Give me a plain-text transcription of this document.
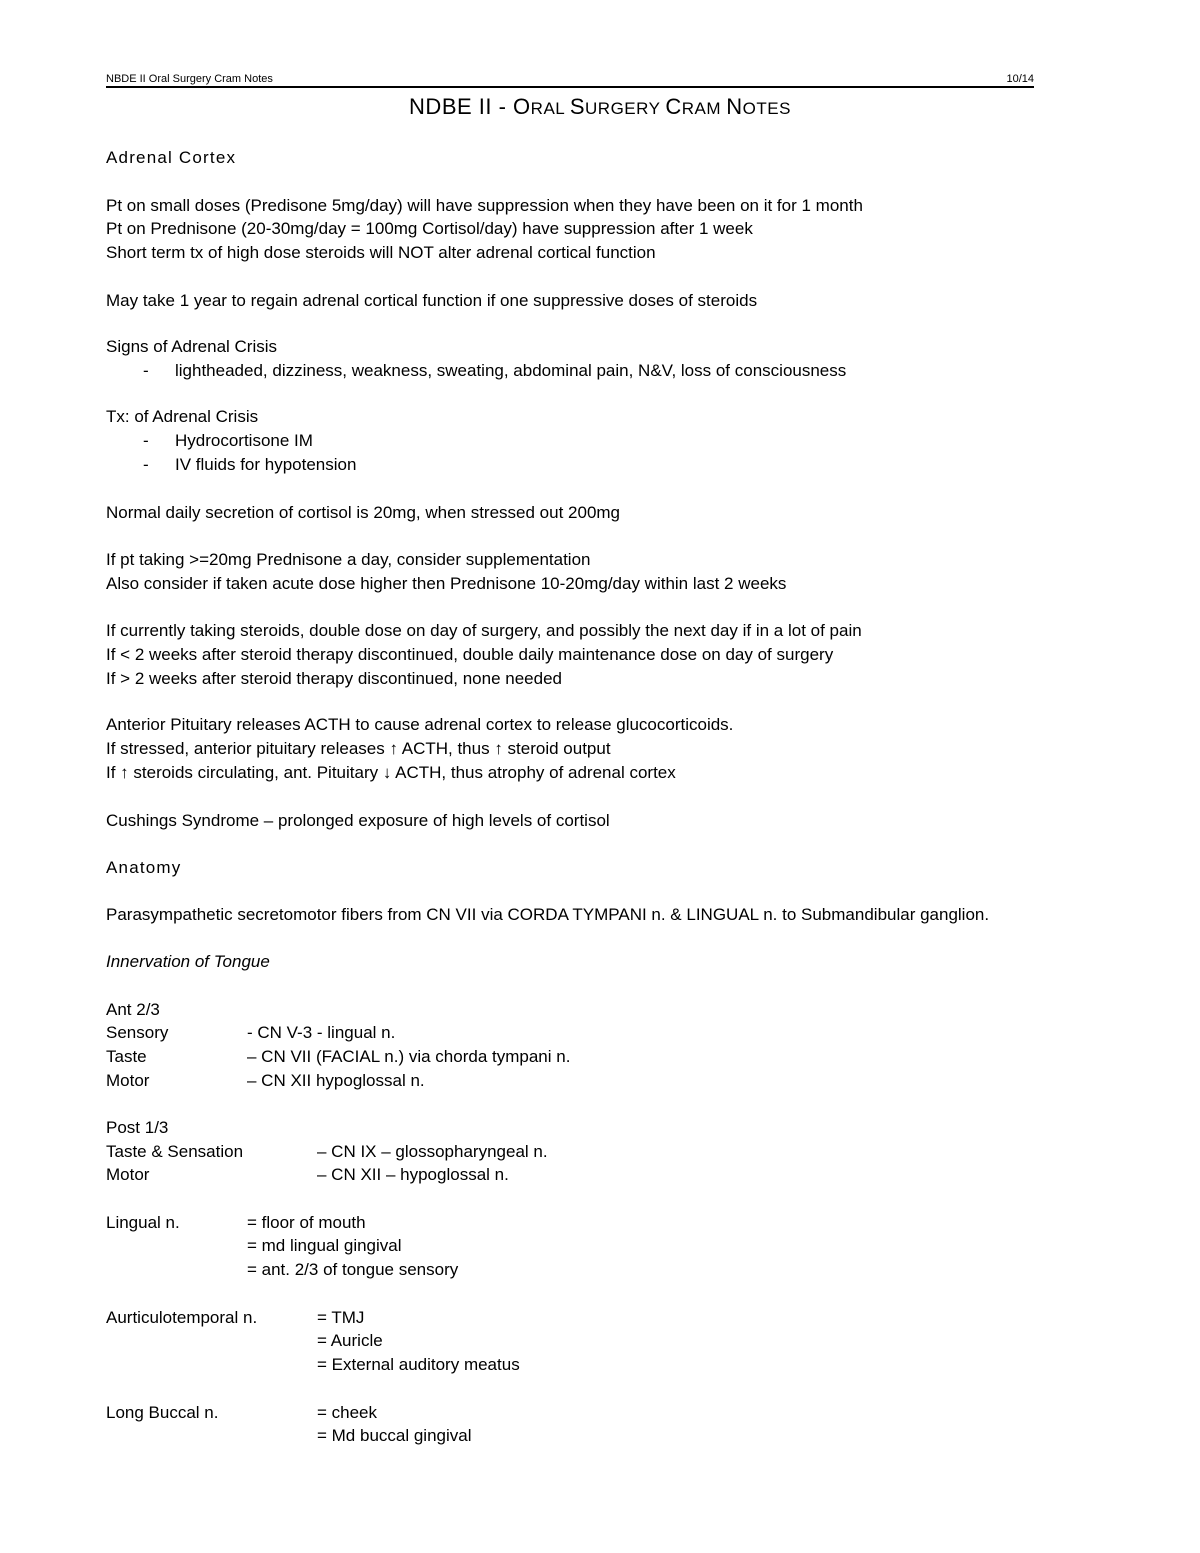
NBDE II Oral Surgery Cram Notes	10/14
NDBE II - ORAL SURGERY CRAM NOTES
Adrenal Cortex
Pt on small doses (Predisone 5mg/day) will have suppression when they have been on it for 1 month
Pt on Prednisone (20-30mg/day = 100mg Cortisol/day) have suppression after 1 week
Short term tx of high dose steroids will NOT alter adrenal cortical function
May take 1 year to regain adrenal cortical function if one suppressive doses of steroids
Signs of Adrenal Crisis
- lightheaded, dizziness, weakness, sweating, abdominal pain, N&V, loss of consciousness
Tx: of Adrenal Crisis
- Hydrocortisone IM
- IV fluids for hypotension
Normal daily secretion of cortisol is 20mg, when stressed out 200mg
If pt taking >=20mg Prednisone a day, consider supplementation
Also consider if taken acute dose higher then Prednisone 10-20mg/day within last 2 weeks
If currently taking steroids, double dose on day of surgery, and possibly the next day if in a lot of pain
If < 2 weeks after steroid therapy discontinued, double daily maintenance dose on day of surgery
If > 2 weeks after steroid therapy discontinued, none needed
Anterior Pituitary releases ACTH to cause adrenal cortex to release glucocorticoids.
If stressed, anterior pituitary releases ↑ ACTH, thus ↑ steroid output
If ↑ steroids circulating, ant. Pituitary ↓ ACTH, thus atrophy of adrenal cortex
Cushings Syndrome – prolonged exposure of high levels of cortisol
Anatomy
Parasympathetic secretomotor fibers from CN VII via CORDA TYMPANI n. & LINGUAL n. to Submandibular ganglion.
Innervation of Tongue
Ant 2/3
Sensory	- CN V-3 - lingual n.
Taste	– CN VII (FACIAL n.) via chorda tympani n.
Motor	– CN XII hypoglossal n.
Post 1/3
Taste & Sensation	– CN IX – glossopharyngeal n.
Motor	– CN XII – hypoglossal n.
Lingual n.	= floor of mouth
= md lingual gingival
= ant. 2/3 of tongue sensory
Aurticulotemporal n.	= TMJ
= Auricle
= External auditory meatus
Long Buccal n.	= cheek
= Md buccal gingival
